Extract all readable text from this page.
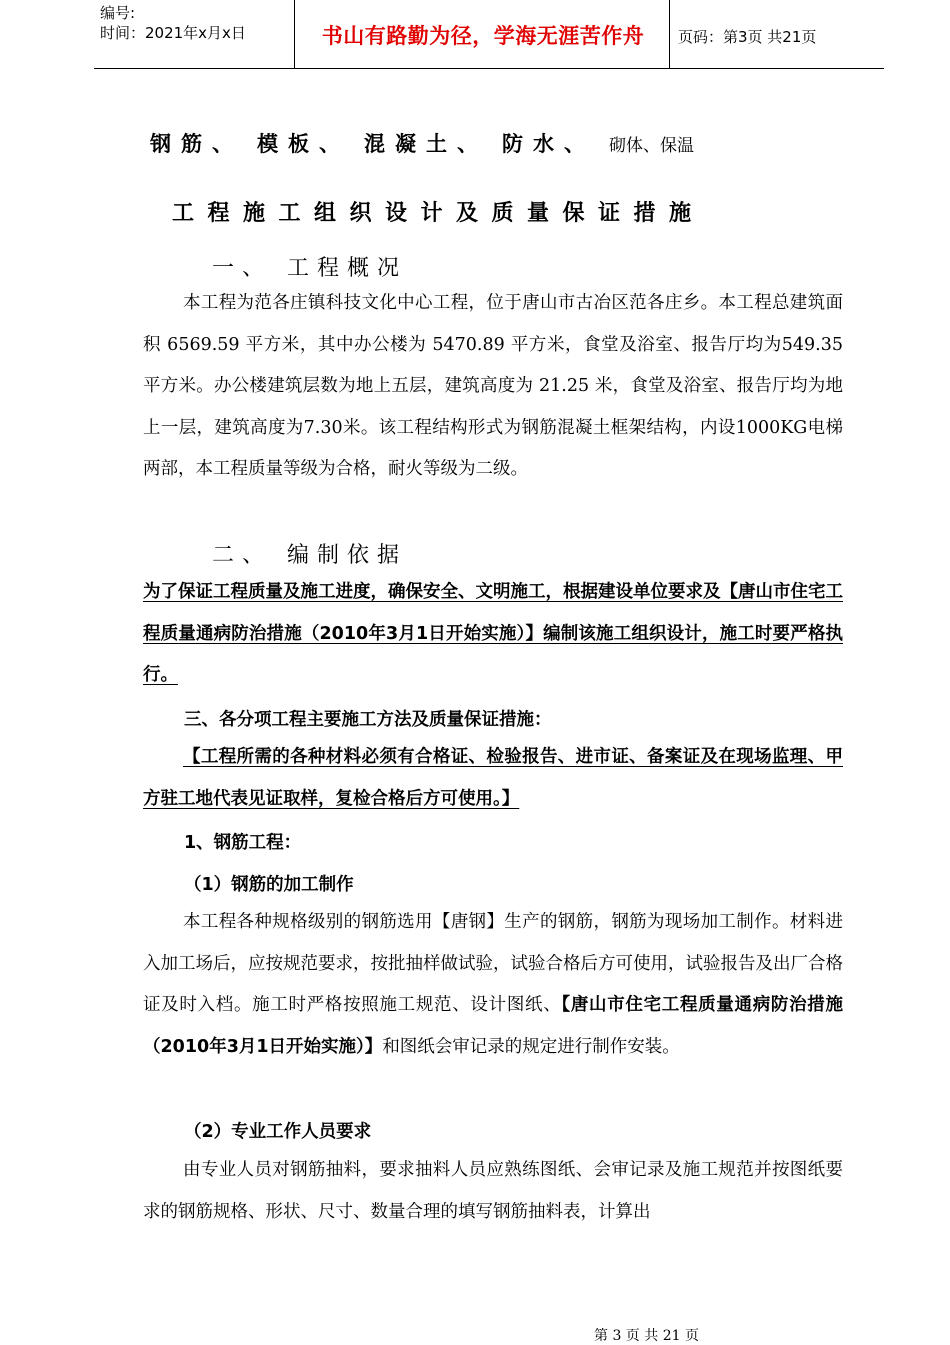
编号:
时间：2021年x月x日	书山有路勤为径，学海无涯苦作舟	页码：第3页 共21页
钢筋、 模板、 混凝土、 防水、 砌体、保温
工程施工组织设计及质量保证措施
一、 工程概况
本工程为范各庄镇科技文化中心工程，位于唐山市古冶区范各庄乡。本工程总建筑面积 6569.59 平方米，其中办公楼为 5470.89 平方米，食堂及浴室、报告厅均为549.35平方米。办公楼建筑层数为地上五层，建筑高度为 21.25 米，食堂及浴室、报告厅均为地上一层，建筑高度为7.30米。该工程结构形式为钢筋混凝土框架结构，内设1000KG电梯两部，本工程质量等级为合格，耐火等级为二级。
二、 编制依据
为了保证工程质量及施工进度，确保安全、文明施工，根据建设单位要求及【唐山市住宅工程质量通病防治措施（2010年3月1日开始实施）】编制该施工组织设计，施工时要严格执行。
三、各分项工程主要施工方法及质量保证措施：
【工程所需的各种材料必须有合格证、检验报告、进市证、备案证及在现场监理、甲方驻工地代表见证取样，复检合格后方可使用。】
1、钢筋工程：
（1）钢筋的加工制作
本工程各种规格级别的钢筋选用【唐钢】生产的钢筋，钢筋为现场加工制作。材料进入加工场后，应按规范要求，按批抽样做试验，试验合格后方可使用，试验报告及出厂合格证及时入档。施工时严格按照施工规范、设计图纸、【唐山市住宅工程质量通病防治措施（2010年3月1日开始实施）】和图纸会审记录的规定进行制作安装。
（2）专业工作人员要求
由专业人员对钢筋抽料，要求抽料人员应熟练图纸、会审记录及施工规范并按图纸要求的钢筋规格、形状、尺寸、数量合理的填写钢筋抽料表，计算出
第 3 页 共 21 页
